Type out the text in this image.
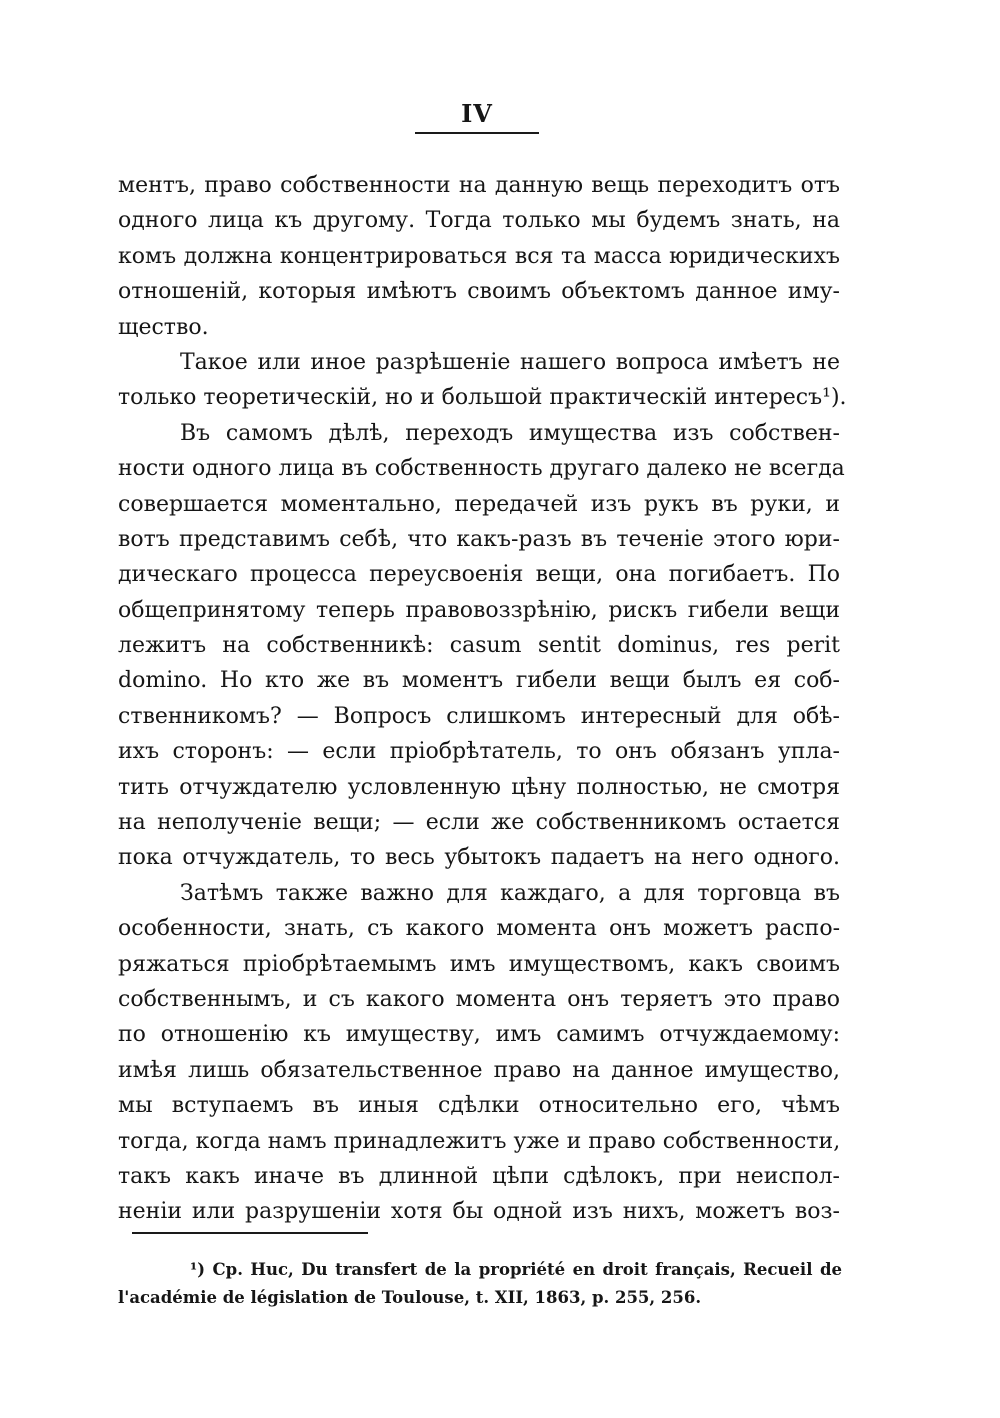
IV
ментъ, право собственности на данную вещь переходитъ отъ
одного лица къ другому. Тогда только мы будемъ знать, на
комъ должна концентрироваться вся та масса юридическихъ
отношеній, которыя имѣютъ своимъ объектомъ данное иму-
щество.
Такое или иное разрѣшеніе нашего вопроса имѣетъ не
только теоретическій, но и большой практическій интересъ¹).
Въ самомъ дѣлѣ, переходъ имущества изъ собствен-
ности одного лица въ собственность другаго далеко не всегда
совершается моментально, передачей изъ рукъ въ руки, и
вотъ представимъ себѣ, что какъ-разъ въ теченіе этого юри-
дическаго процесса переусвоенія вещи, она погибаетъ. По
общепринятому теперь правовоззрѣнію, рискъ гибели вещи
лежитъ на собственникѣ: casum sentit dominus, res perit
domino. Но кто же въ моментъ гибели вещи былъ ея соб-
ственникомъ? — Вопросъ слишкомъ интересный для обѣ-
ихъ сторонъ: — если пріобрѣтатель, то онъ обязанъ упла-
тить отчуждателю условленную цѣну полностью, не смотря
на неполученіе вещи; — если же собственникомъ остается
пока отчуждатель, то весь убытокъ падаетъ на него одного.
Затѣмъ также важно для каждаго, а для торговца въ
особенности, знать, съ какого момента онъ можетъ распо-
ряжаться пріобрѣтаемымъ имъ имуществомъ, какъ своимъ
собственнымъ, и съ какого момента онъ теряетъ это право
по отношенію къ имуществу, имъ самимъ отчуждаемому:
имѣя лишь обязательственное право на данное имущество,
мы вступаемъ въ иныя сдѣлки относительно его, чѣмъ
тогда, когда намъ принадлежитъ уже и право собственности,
такъ какъ иначе въ длинной цѣпи сдѣлокъ, при неиспол-
неніи или разрушеніи хотя бы одной изъ нихъ, можетъ воз-
¹) Cp. Huc, Du transfert de la propriété en droit français, Recueil de
l'académie de législation de Toulouse, t. XII, 1863, p. 255, 256.
